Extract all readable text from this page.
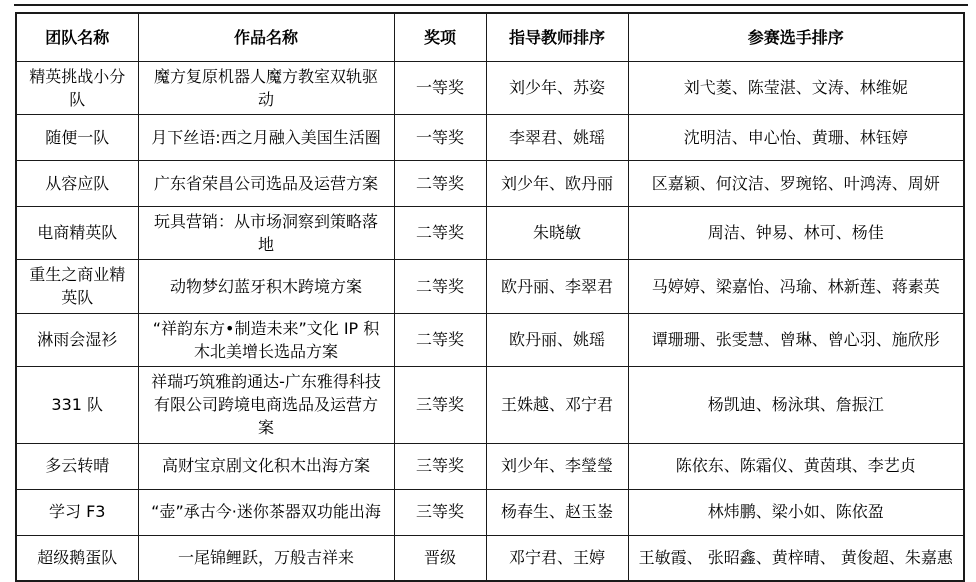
团队名称	作品名称	奖项	指导教师排序	参赛选手排序
精英挑战小分队	魔方复原机器人魔方教室双轨驱动	一等奖	刘少年、苏姿	刘弋菱、陈莹湛、文涛、林维妮
随便一队	月下丝语:西之月融入美国生活圈	一等奖	李翠君、姚瑶	沈明洁、申心怡、黄珊、林钰婷
从容应队	广东省荣昌公司选品及运营方案	二等奖	刘少年、欧丹丽	区嘉颖、何汶洁、罗琬铭、叶鸿涛、周妍
电商精英队	玩具营销：从市场洞察到策略落地	二等奖	朱晓敏	周洁、钟易、林可、杨佳
重生之商业精英队	动物梦幻蓝牙积木跨境方案	二等奖	欧丹丽、李翠君	马婷婷、梁嘉怡、冯瑜、林新莲、蒋素英
淋雨会湿衫	“祥韵东方•制造未来”文化 IP 积木北美增长选品方案	二等奖	欧丹丽、姚瑶	谭珊珊、张雯慧、曾琳、曾心羽、施欣彤
331 队	祥瑞巧筑雅韵通达-广东雅得科技有限公司跨境电商选品及运营方案	三等奖	王姝越、邓宁君	杨凯迪、杨泳琪、詹振江
多云转晴	高财宝京剧文化积木出海方案	三等奖	刘少年、李瑩瑩	陈依东、陈霜仪、黄茵琪、李艺贞
学习 F3	“壶”承古今·迷你茶器双功能出海	三等奖	杨春生、赵玉崟	林炜鹏、梁小如、陈依盈
超级鹅蛋队	一尾锦鲤跃，万般吉祥来	晋级	邓宁君、王婷	王敏霞、 张昭鑫、黄梓晴、 黄俊超、朱嘉惠
